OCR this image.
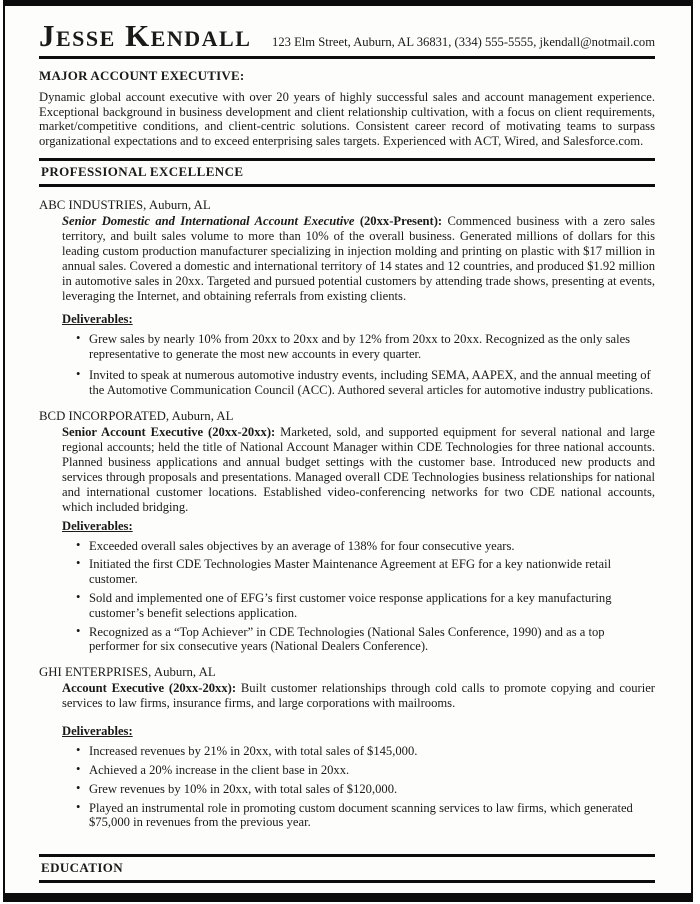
Jesse Kendall 123 Elm Street, Auburn, AL 36831, (334) 555-5555, jkendall@notmail.com
MAJOR ACCOUNT EXECUTIVE:

Dynamic global account executive with over 20 years of highly successful sales and account management experience. Exceptional background in business development and client relationship cultivation, with a focus on client requirements, market/competitive conditions, and client-centric solutions. Consistent career record of motivating teams to surpass organizational expectations and to exceed enterprising sales targets. Experienced with ACT, Wired, and Salesforce.com.

PROFESSIONAL EXCELLENCE
ABC INDUSTRIES, Auburn, AL

Senior Domestic and International Account Executive (20xx-Present): Commenced business with a zero sales territory, and built sales volume to more than 10% of the overall business. Generated millions of dollars for this leading custom production manufacturer specializing in injection molding and printing on plastic with $17 million in annual sales. Covered a domestic and international territory of 14 states and 12 countries, and produced $1.92 million in automotive sales in 20xx. Targeted and pursued potential customers by attending trade shows, presenting at events, leveraging the Internet, and obtaining referrals from existing clients.

Deliverables:
• Grew sales by nearly 10% from 20xx to 20xx and by 12% from 20xx to 20xx. Recognized as the only sales representative to generate the most new accounts in every quarter.
• Invited to speak at numerous automotive industry events, including SEMA, AAPEX, and the annual meeting of the Automotive Communication Council (ACC). Authored several articles for automotive industry publications.
BCD INCORPORATED, Auburn, AL

Senior Account Executive (20xx-20xx): Marketed, sold, and supported equipment for several national and large regional accounts; held the title of National Account Manager within CDE Technologies for three national accounts. Planned business applications and annual budget settings with the customer base. Introduced new products and services through proposals and presentations. Managed overall CDE Technologies business relationships for national and international customer locations. Established video-conferencing networks for two CDE national accounts, which included bridging.

Deliverables:
• Exceeded overall sales objectives by an average of 138% for four consecutive years.
• Initiated the first CDE Technologies Master Maintenance Agreement at EFG for a key nationwide retail customer.
• Sold and implemented one of EFG’s first customer voice response applications for a key manufacturing customer’s benefit selections application.
• Recognized as a “Top Achiever” in CDE Technologies (National Sales Conference, 1990) and as a top performer for six consecutive years (National Dealers Conference).
GHI ENTERPRISES, Auburn, AL

Account Executive (20xx-20xx): Built customer relationships through cold calls to promote copying and courier services to law firms, insurance firms, and large corporations with mailrooms.

Deliverables:
• Increased revenues by 21% in 20xx, with total sales of $145,000.
• Achieved a 20% increase in the client base in 20xx.
• Grew revenues by 10% in 20xx, with total sales of $120,000.
• Played an instrumental role in promoting custom document scanning services to law firms, which generated $75,000 in revenues from the previous year.
EDUCATION

Bachelor’s Degree, Business Administration, XYZ UNIVERSITY, Auburn, AL
